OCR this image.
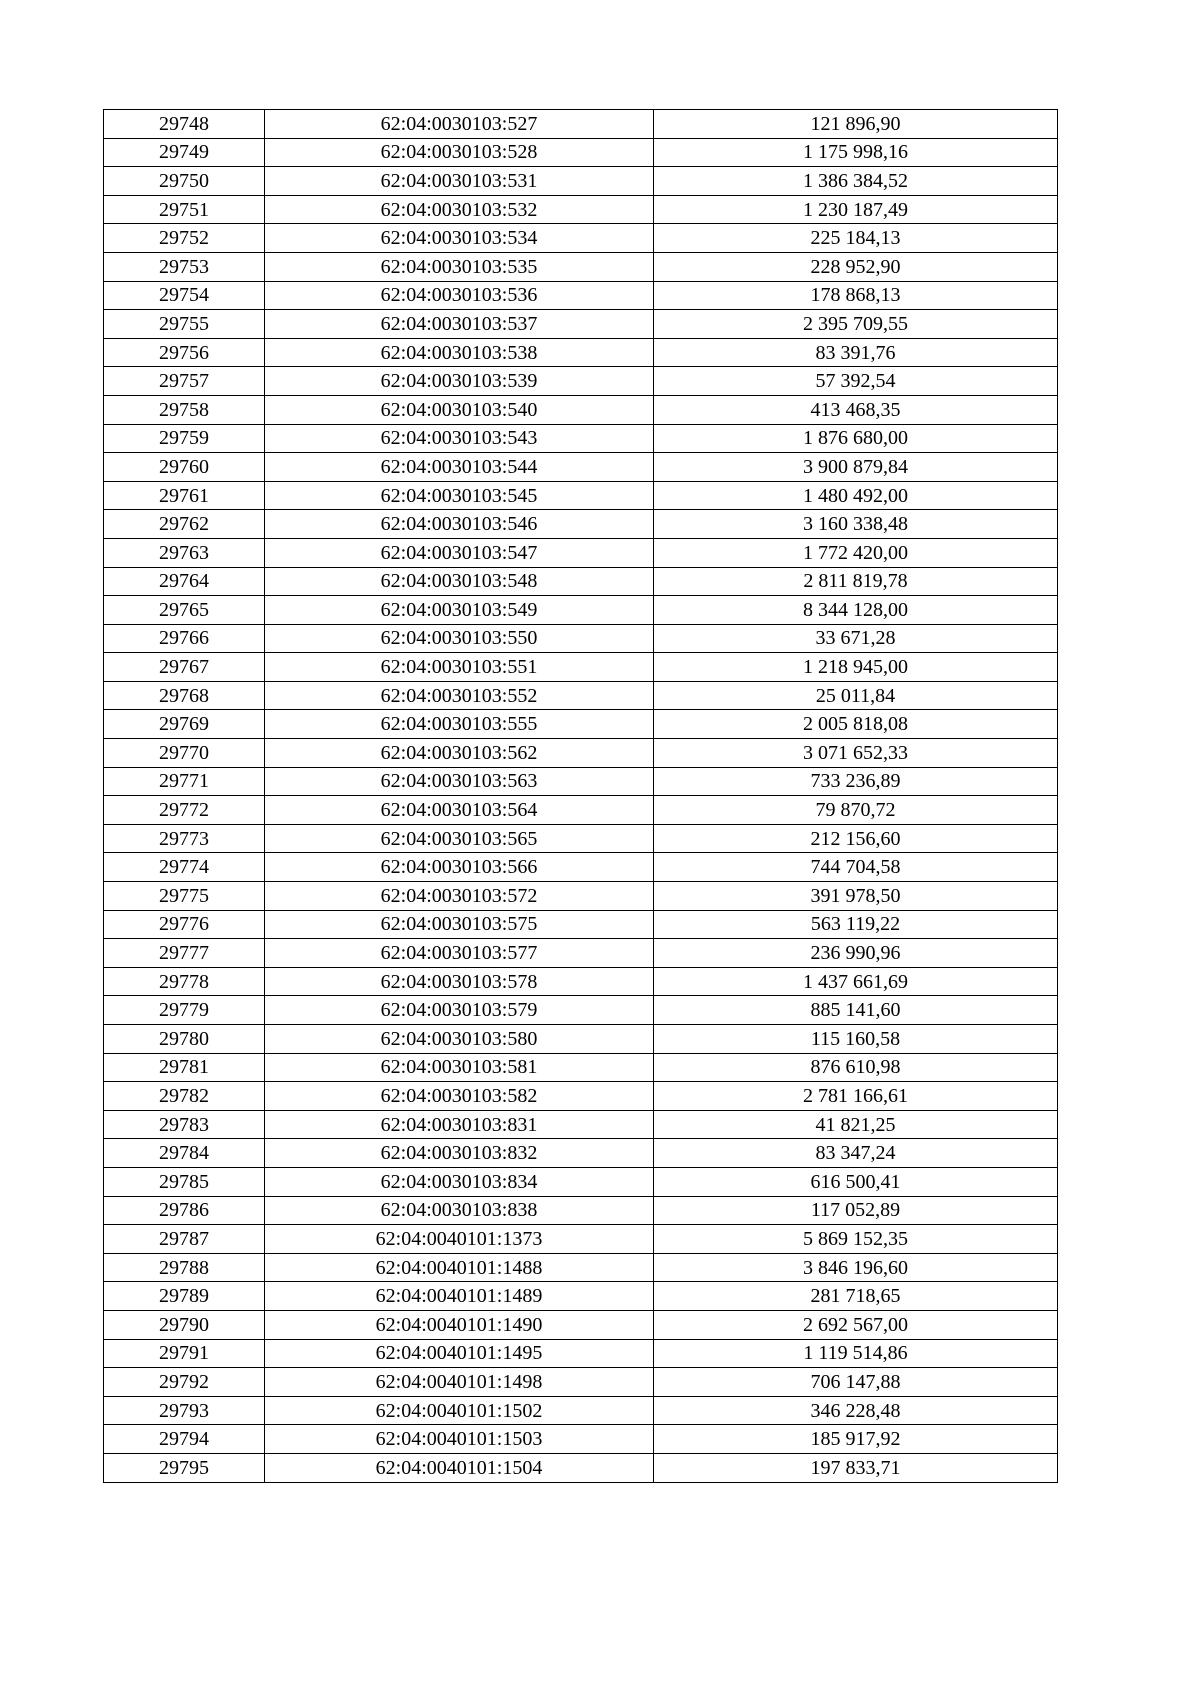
29748	62:04:0030103:527	121 896,90
29749	62:04:0030103:528	1 175 998,16
29750	62:04:0030103:531	1 386 384,52
29751	62:04:0030103:532	1 230 187,49
29752	62:04:0030103:534	225 184,13
29753	62:04:0030103:535	228 952,90
29754	62:04:0030103:536	178 868,13
29755	62:04:0030103:537	2 395 709,55
29756	62:04:0030103:538	83 391,76
29757	62:04:0030103:539	57 392,54
29758	62:04:0030103:540	413 468,35
29759	62:04:0030103:543	1 876 680,00
29760	62:04:0030103:544	3 900 879,84
29761	62:04:0030103:545	1 480 492,00
29762	62:04:0030103:546	3 160 338,48
29763	62:04:0030103:547	1 772 420,00
29764	62:04:0030103:548	2 811 819,78
29765	62:04:0030103:549	8 344 128,00
29766	62:04:0030103:550	33 671,28
29767	62:04:0030103:551	1 218 945,00
29768	62:04:0030103:552	25 011,84
29769	62:04:0030103:555	2 005 818,08
29770	62:04:0030103:562	3 071 652,33
29771	62:04:0030103:563	733 236,89
29772	62:04:0030103:564	79 870,72
29773	62:04:0030103:565	212 156,60
29774	62:04:0030103:566	744 704,58
29775	62:04:0030103:572	391 978,50
29776	62:04:0030103:575	563 119,22
29777	62:04:0030103:577	236 990,96
29778	62:04:0030103:578	1 437 661,69
29779	62:04:0030103:579	885 141,60
29780	62:04:0030103:580	115 160,58
29781	62:04:0030103:581	876 610,98
29782	62:04:0030103:582	2 781 166,61
29783	62:04:0030103:831	41 821,25
29784	62:04:0030103:832	83 347,24
29785	62:04:0030103:834	616 500,41
29786	62:04:0030103:838	117 052,89
29787	62:04:0040101:1373	5 869 152,35
29788	62:04:0040101:1488	3 846 196,60
29789	62:04:0040101:1489	281 718,65
29790	62:04:0040101:1490	2 692 567,00
29791	62:04:0040101:1495	1 119 514,86
29792	62:04:0040101:1498	706 147,88
29793	62:04:0040101:1502	346 228,48
29794	62:04:0040101:1503	185 917,92
29795	62:04:0040101:1504	197 833,71
